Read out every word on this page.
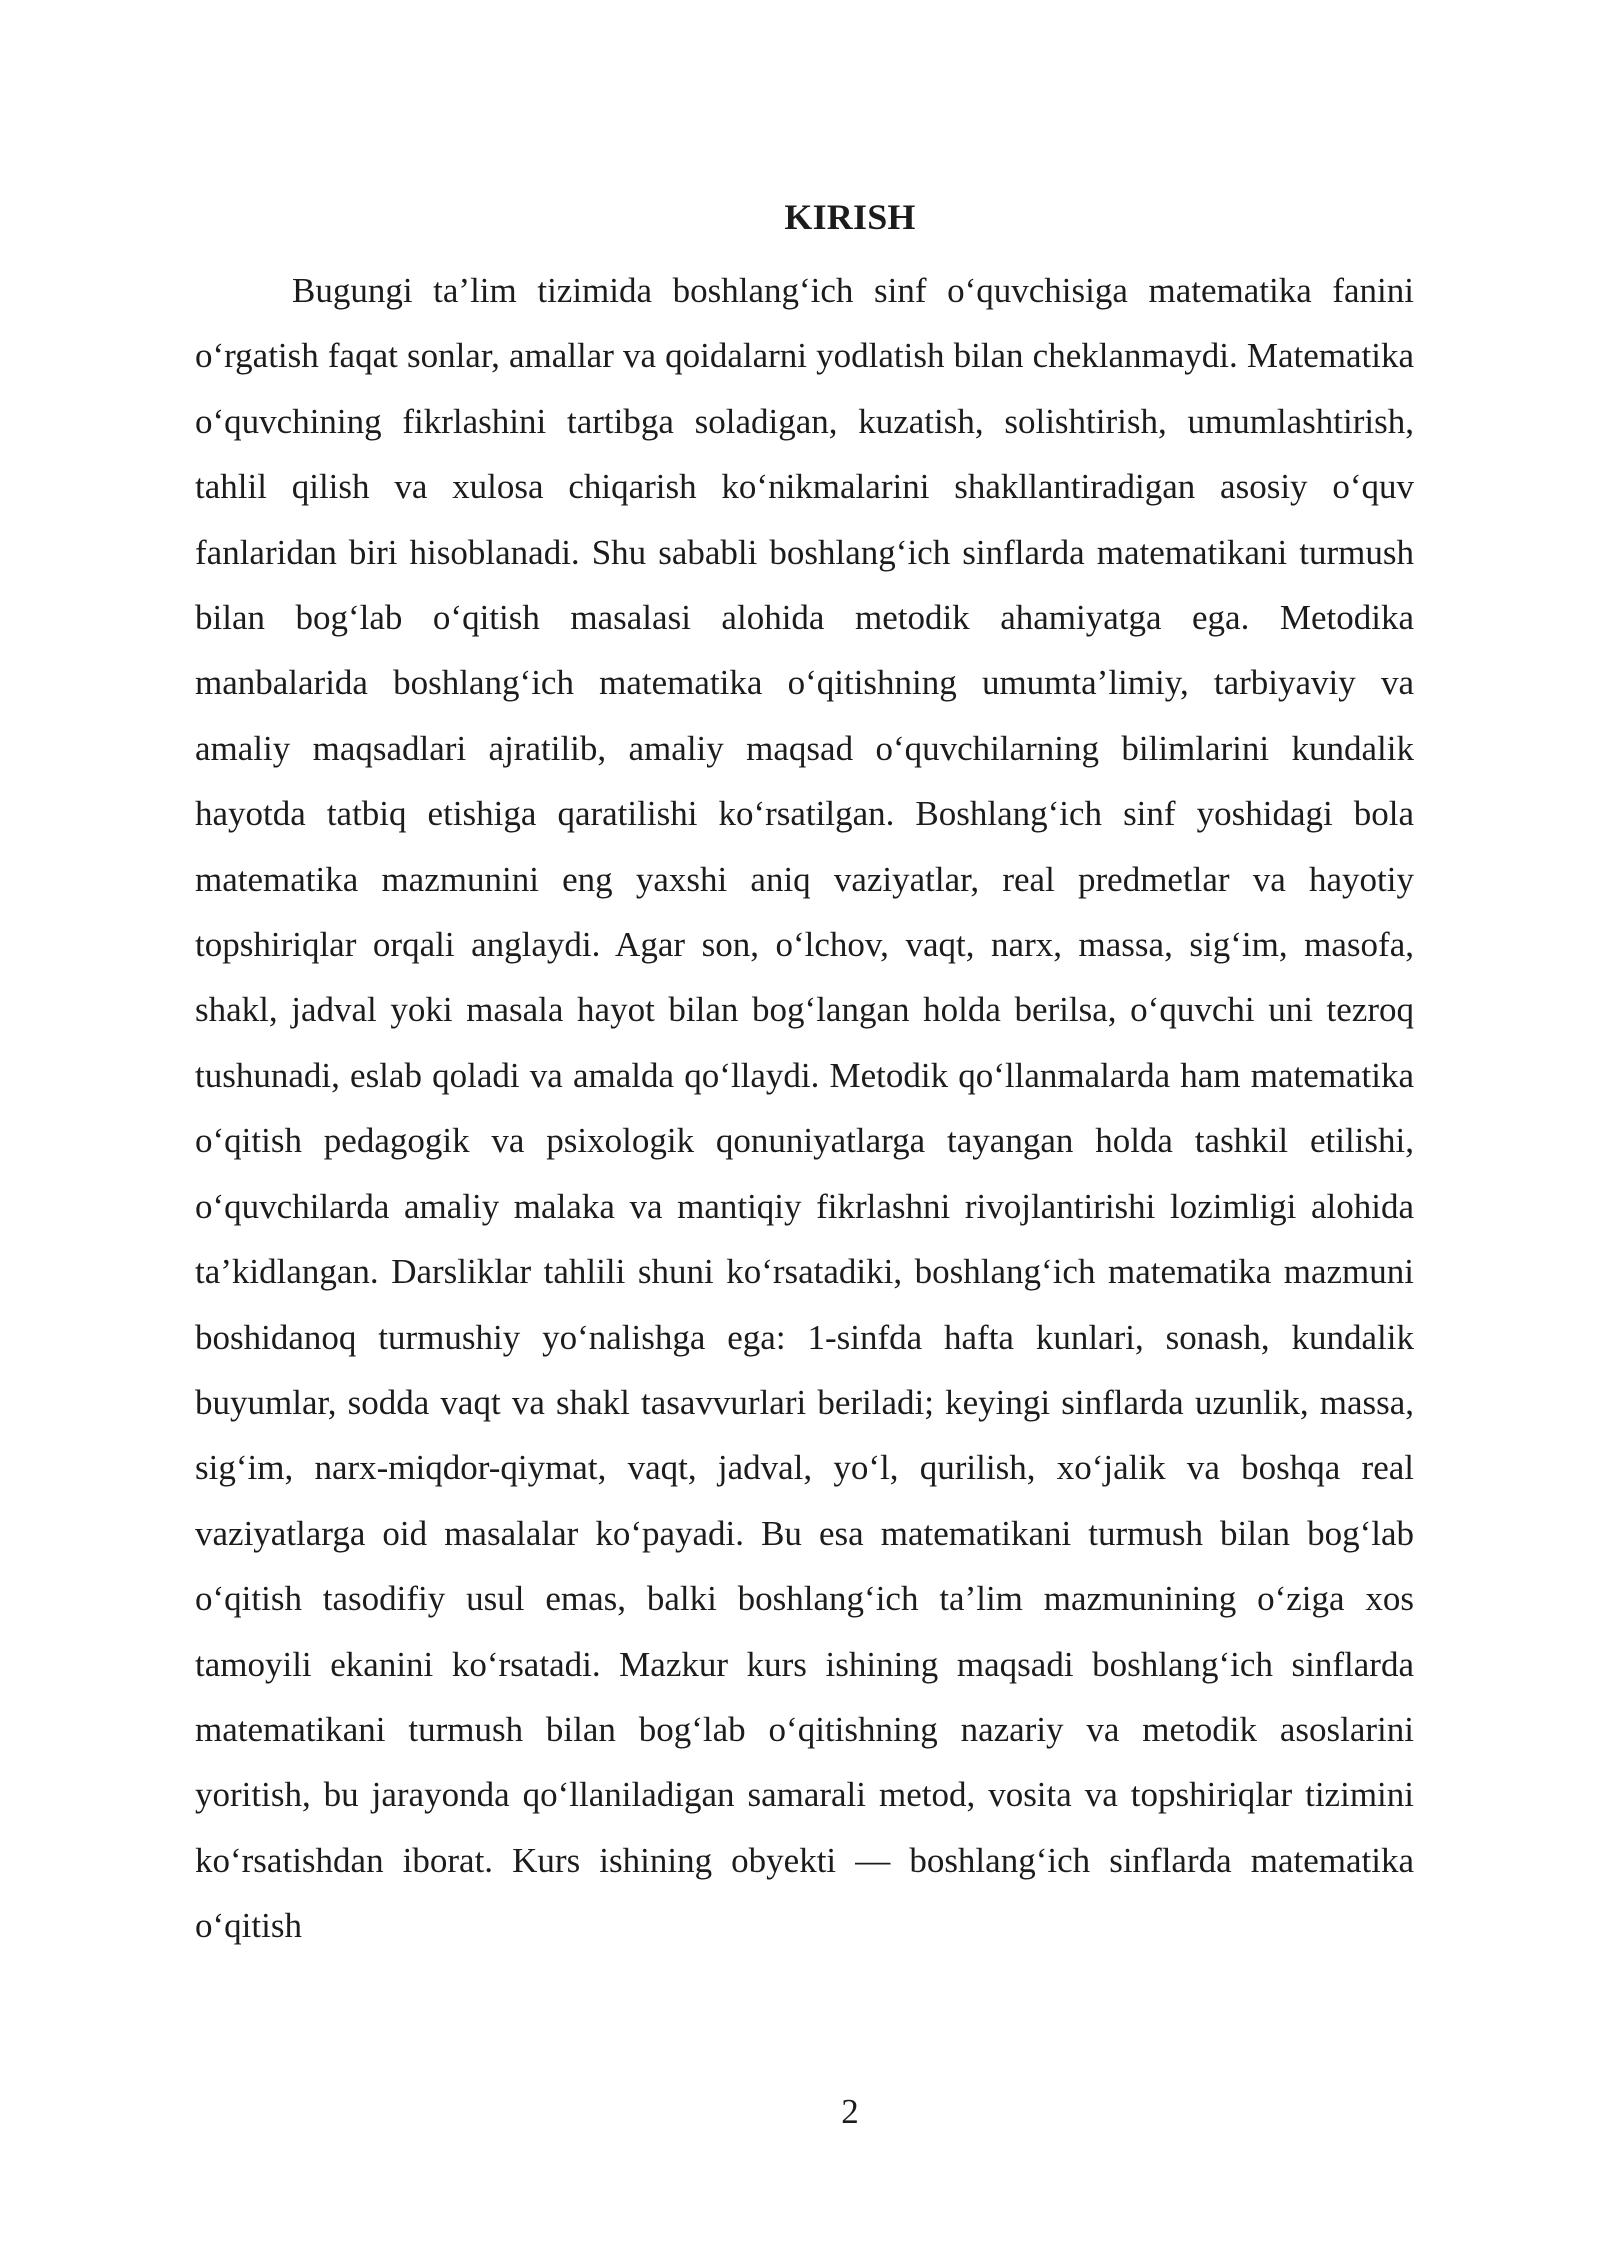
KIRISH

Bugungi ta’lim tizimida boshlang‘ich sinf o‘quvchisiga matematika fanini o‘rgatish faqat sonlar, amallar va qoidalarni yodlatish bilan cheklanmaydi. Matematika o‘quvchining fikrlashini tartibga soladigan, kuzatish, solishtirish, umumlashtirish, tahlil qilish va xulosa chiqarish ko‘nikmalarini shakllantiradigan asosiy o‘quv fanlaridan biri hisoblanadi. Shu sababli boshlang‘ich sinflarda matematikani turmush bilan bog‘lab o‘qitish masalasi alohida metodik ahamiyatga ega. Metodika manbalarida boshlang‘ich matematika o‘qitishning umumta’limiy, tarbiyaviy va amaliy maqsadlari ajratilib, amaliy maqsad o‘quvchilarning bilimlarini kundalik hayotda tatbiq etishiga qaratilishi ko‘rsatilgan. Boshlang‘ich sinf yoshidagi bola matematika mazmunini eng yaxshi aniq vaziyatlar, real predmetlar va hayotiy topshiriqlar orqali anglaydi. Agar son, o‘lchov, vaqt, narx, massa, sig‘im, masofa, shakl, jadval yoki masala hayot bilan bog‘langan holda berilsa, o‘quvchi uni tezroq tushunadi, eslab qoladi va amalda qo‘llaydi. Metodik qo‘llanmalarda ham matematika o‘qitish pedagogik va psixologik qonuniyatlarga tayangan holda tashkil etilishi, o‘quvchilarda amaliy malaka va mantiqiy fikrlashni rivojlantirishi lozimligi alohida ta’kidlangan. Darsliklar tahlili shuni ko‘rsatadiki, boshlang‘ich matematika mazmuni boshidanoq turmushiy yo‘nalishga ega: 1-sinfda hafta kunlari, sonash, kundalik buyumlar, sodda vaqt va shakl tasavvurlari beriladi; keyingi sinflarda uzunlik, massa, sig‘im, narx-miqdor-qiymat, vaqt, jadval, yo‘l, qurilish, xo‘jalik va boshqa real vaziyatlarga oid masalalar ko‘payadi. Bu esa matematikani turmush bilan bog‘lab o‘qitish tasodifiy usul emas, balki boshlang‘ich ta’lim mazmunining o‘ziga xos tamoyili ekanini ko‘rsatadi. Mazkur kurs ishining maqsadi boshlang‘ich sinflarda matematikani turmush bilan bog‘lab o‘qitishning nazariy va metodik asoslarini yoritish, bu jarayonda qo‘llaniladigan samarali metod, vosita va topshiriqlar tizimini ko‘rsatishdan iborat. Kurs ishining obyekti — boshlang‘ich sinflarda matematika o‘qitish

2
